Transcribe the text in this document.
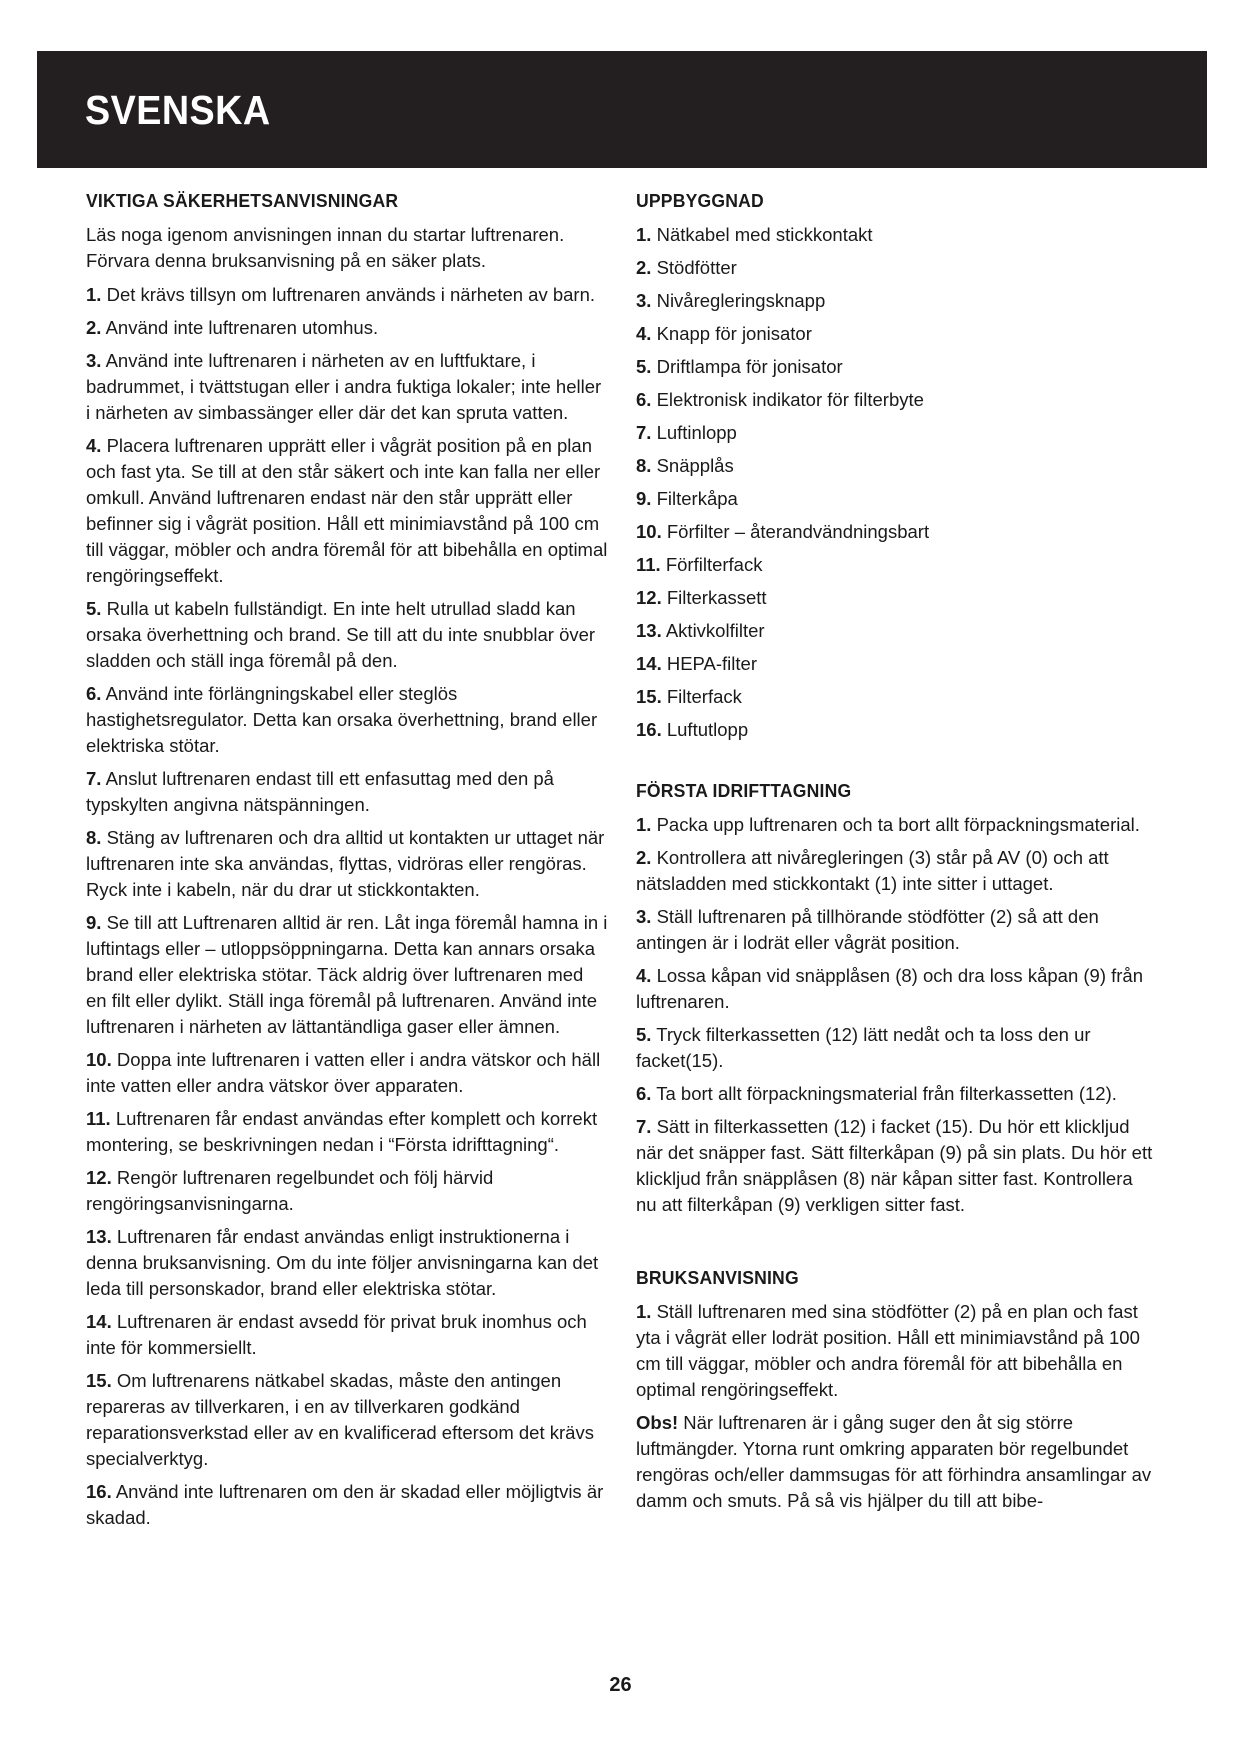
SVENSKA
VIKTIGA SÄKERHETSANVISNINGAR
Läs noga igenom anvisningen innan du startar luftrenaren. Förvara denna bruksanvisning på en säker plats.
1. Det krävs tillsyn om luftrenaren används i närheten av barn.
2. Använd inte luftrenaren utomhus.
3. Använd inte luftrenaren i närheten av en luftfuktare, i badrummet, i tvättstugan eller i andra fuktiga lokaler; inte heller i närheten av simbassänger eller där det kan spruta vatten.
4. Placera luftrenaren upprätt eller i vågrät position på en plan och fast yta. Se till at den står säkert och inte kan falla ner eller omkull. Använd luftrenaren endast när den står upprätt eller befinner sig i vågrät position. Håll ett minimiavstånd på 100 cm till väggar, möbler och andra föremål för att bibehålla en optimal rengöringseffekt.
5. Rulla ut kabeln fullständigt. En inte helt utrullad sladd kan orsaka överhettning och brand. Se till att du inte snubblar över sladden och ställ inga föremål på den.
6. Använd inte förlängningskabel eller steglös hastighetsregulator. Detta kan orsaka överhettning, brand eller elektriska stötar.
7. Anslut luftrenaren endast till ett enfasuttag med den på typskylten angivna nätspänningen.
8. Stäng av luftrenaren och dra alltid ut kontakten ur uttaget när luftrenaren inte ska användas, flyttas, vidröras eller rengöras. Ryck inte i kabeln, när du drar ut stickkontakten.
9. Se till att Luftrenaren alltid är ren. Låt inga föremål hamna in i luftintags eller – utloppsöppningarna. Detta kan annars orsaka brand eller elektriska stötar. Täck aldrig över luftrenaren med en filt eller dylikt. Ställ inga föremål på luftrenaren. Använd inte luftrenaren i närheten av lättantändliga gaser eller ämnen.
10. Doppa inte luftrenaren i vatten eller i andra vätskor och häll inte vatten eller andra vätskor över apparaten.
11. Luftrenaren får endast användas efter komplett och korrekt montering, se beskrivningen nedan i “Första idrifttagning“.
12. Rengör luftrenaren regelbundet och följ härvid rengöringsanvisningarna.
13. Luftrenaren får endast användas enligt instruktionerna i denna bruksanvisning. Om du inte följer anvisningarna kan det leda till personskador, brand eller elektriska stötar.
14. Luftrenaren är endast avsedd för privat bruk inomhus och inte för kommersiellt.
15. Om luftrenarens nätkabel skadas, måste den antingen repareras av tillverkaren, i en av tillverkaren godkänd reparationsverkstad eller av en kvalificerad eftersom det krävs specialverktyg.
16. Använd inte luftrenaren om den är skadad eller möjligtvis är skadad.
UPPBYGGNAD
1. Nätkabel med stickkontakt
2. Stödfötter
3. Nivåregleringsknapp
4. Knapp för jonisator
5. Driftlampa för jonisator
6. Elektronisk indikator för filterbyte
7. Luftinlopp
8. Snäpplås
9. Filterkåpa
10. Förfilter – återandvändningsbart
11. Förfilterfack
12. Filterkassett
13. Aktivkolfilter
14. HEPA-filter
15. Filterfack
16. Luftutlopp
FÖRSTA IDRIFTTAGNING
1. Packa upp luftrenaren och ta bort allt förpackningsmaterial.
2. Kontrollera att nivåregleringen (3) står på AV (0) och att nätsladden med stickkontakt (1) inte sitter i uttaget.
3. Ställ luftrenaren på tillhörande stödfötter (2) så att den antingen är i lodrät eller vågrät position.
4. Lossa kåpan vid snäpplåsen (8) och dra loss kåpan (9) från luftrenaren.
5. Tryck filterkassetten (12) lätt nedåt och ta loss den ur facket(15).
6. Ta bort allt förpackningsmaterial från filterkassetten (12).
7. Sätt in filterkassetten (12) i facket (15). Du hör ett klickljud när det snäpper fast. Sätt filterkåpan (9) på sin plats. Du hör ett klickljud från snäpplåsen (8) när kåpan sitter fast. Kontrollera nu att filterkåpan (9) verkligen sitter fast.
BRUKSANVISNING
1. Ställ luftrenaren med sina stödfötter (2) på en plan och fast yta i vågrät eller lodrät position. Håll ett minimiavstånd på 100 cm till väggar, möbler och andra föremål för att bibehålla en optimal rengöringseffekt.
Obs! När luftrenaren är i gång suger den åt sig större luftmängder. Ytorna runt omkring apparaten bör regelbundet rengöras och/eller dammsugas för att förhindra ansamlingar av damm och smuts. På så vis hjälper du till att bibe-
26
